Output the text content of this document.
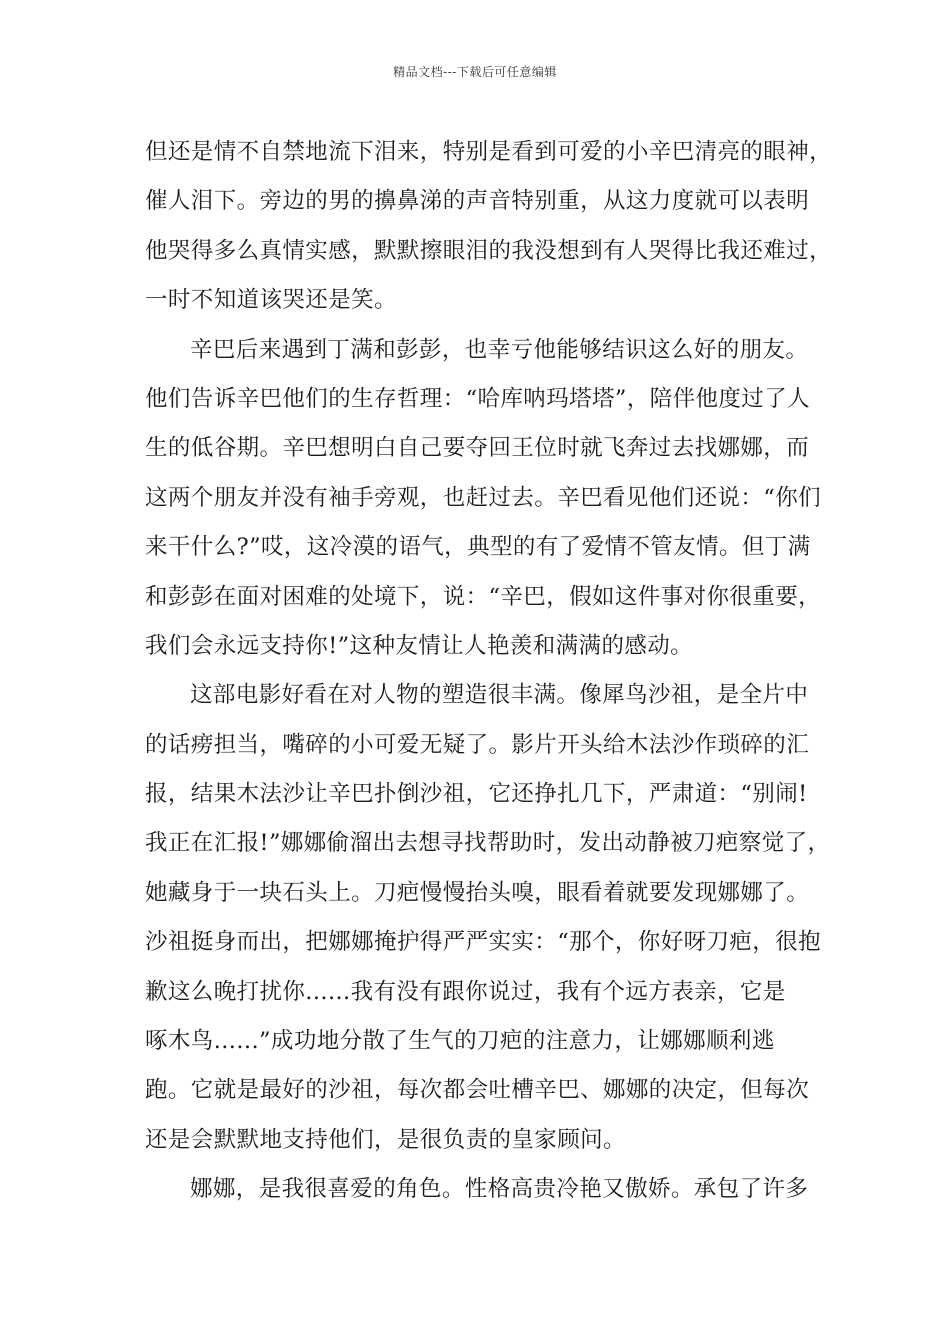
精品文档---下载后可任意编辑
但还是情不自禁地流下泪来，特别是看到可爱的小辛巴清亮的眼神，
催人泪下。旁边的男的擤鼻涕的声音特别重，从这力度就可以表明
他哭得多么真情实感，默默擦眼泪的我没想到有人哭得比我还难过，
一时不知道该哭还是笑。
辛巴后来遇到丁满和彭彭，也幸亏他能够结识这么好的朋友。
他们告诉辛巴他们的生存哲理：“哈库呐玛塔塔”，陪伴他度过了人
生的低谷期。辛巴想明白自己要夺回王位时就飞奔过去找娜娜，而
这两个朋友并没有袖手旁观，也赶过去。辛巴看见他们还说：“你们
来干什么?”哎，这冷漠的语气，典型的有了爱情不管友情。但丁满
和彭彭在面对困难的处境下，说：“辛巴，假如这件事对你很重要，
我们会永远支持你!”这种友情让人艳羡和满满的感动。
这部电影好看在对人物的塑造很丰满。像犀鸟沙祖，是全片中
的话痨担当，嘴碎的小可爱无疑了。影片开头给木法沙作琐碎的汇
报，结果木法沙让辛巴扑倒沙祖，它还挣扎几下，严肃道：“别闹!
我正在汇报!”娜娜偷溜出去想寻找帮助时，发出动静被刀疤察觉了，
她藏身于一块石头上。刀疤慢慢抬头嗅，眼看着就要发现娜娜了。
沙祖挺身而出，把娜娜掩护得严严实实：“那个，你好呀刀疤，很抱
歉这么晚打扰你......我有没有跟你说过，我有个远方表亲，它是
啄木鸟......”成功地分散了生气的刀疤的注意力，让娜娜顺利逃
跑。它就是最好的沙祖，每次都会吐槽辛巴、娜娜的决定，但每次
还是会默默地支持他们，是很负责的皇家顾问。
娜娜，是我很喜爱的角色。性格高贵冷艳又傲娇。承包了许多
